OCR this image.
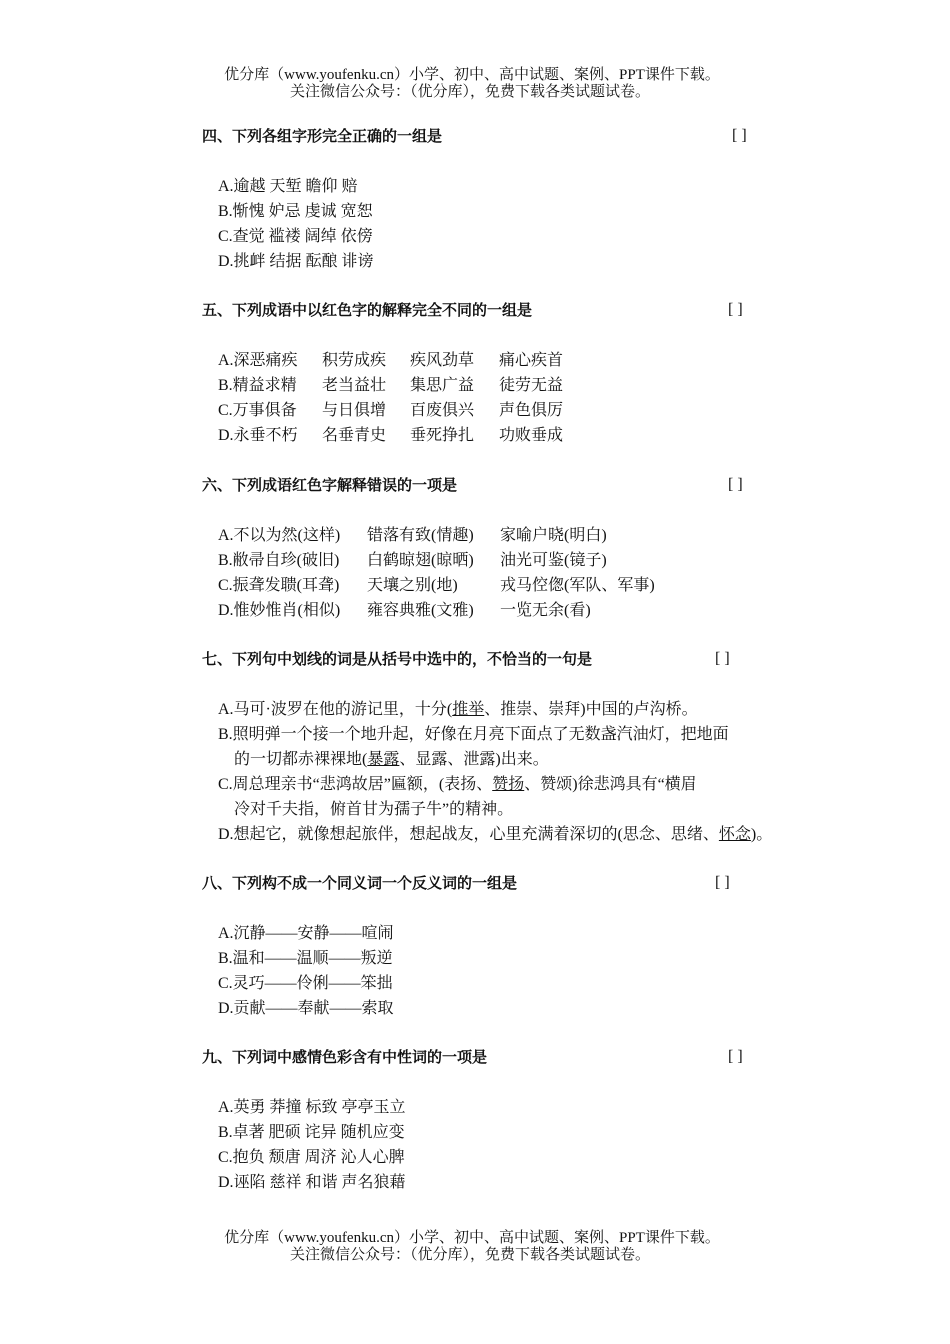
优分库（www.youfenku.cn）小学、初中、高中试题、案例、PPT课件下载。
关注微信公众号：（优分库），免费下载各类试题试卷。
四、下列各组字形完全正确的一组是	[ ]
A.逾越 天堑 瞻仰 赔
B.惭愧 妒忌 虔诚 宽恕
C.查觉 褴褛 阔绰 依傍
D.挑衅 结据 酝酿 诽谤
五、下列成语中以红色字的解释完全不同的一组是	[ ]
A.深恶痛疾 积劳成疾 疾风劲草 痛心疾首
B.精益求精 老当益壮 集思广益 徒劳无益
C.万事俱备 与日俱增 百废俱兴 声色俱厉
D.永垂不朽 名垂青史 垂死挣扎 功败垂成
六、下列成语红色字解释错误的一项是	[ ]
A.不以为然(这样) 错落有致(情趣) 家喻户晓(明白)
B.敝帚自珍(破旧) 白鹤晾翅(晾晒) 油光可鉴(镜子)
C.振聋发聩(耳聋) 天壤之别(地)	戎马倥偬(军队、军事)
D.惟妙惟肖(相似) 雍容典雅(文雅) 一览无余(看)
七、下列句中划线的词是从括号中选中的，不恰当的一句是	[ ]
A.马可·波罗在他的游记里，十分(推举、推崇、崇拜)中国的卢沟桥。
B.照明弹一个接一个地升起，好像在月亮下面点了无数盏汽油灯，把地面
的一切都赤裸裸地(暴露、显露、泄露)出来。
C.周总理亲书“悲鸿故居”匾额，(表扬、赞扬、赞颂)徐悲鸿具有“横眉
冷对千夫指，俯首甘为孺子牛”的精神。
D.想起它，就像想起旅伴，想起战友，心里充满着深切的(思念、思绪、怀念)。
八、下列构不成一个同义词一个反义词的一组是	[ ]
A.沉静——安静——喧闹
B.温和——温顺——叛逆
C.灵巧——伶俐——笨拙
D.贡献——奉献——索取
九、下列词中感情色彩含有中性词的一项是	[ ]
A.英勇 莽撞 标致 亭亭玉立
B.卓著 肥硕 诧异 随机应变
C.抱负 颓唐 周济 沁人心脾
D.诬陷 慈祥 和谐 声名狼藉
优分库（www.youfenku.cn）小学、初中、高中试题、案例、PPT课件下载。
关注微信公众号：（优分库），免费下载各类试题试卷。
